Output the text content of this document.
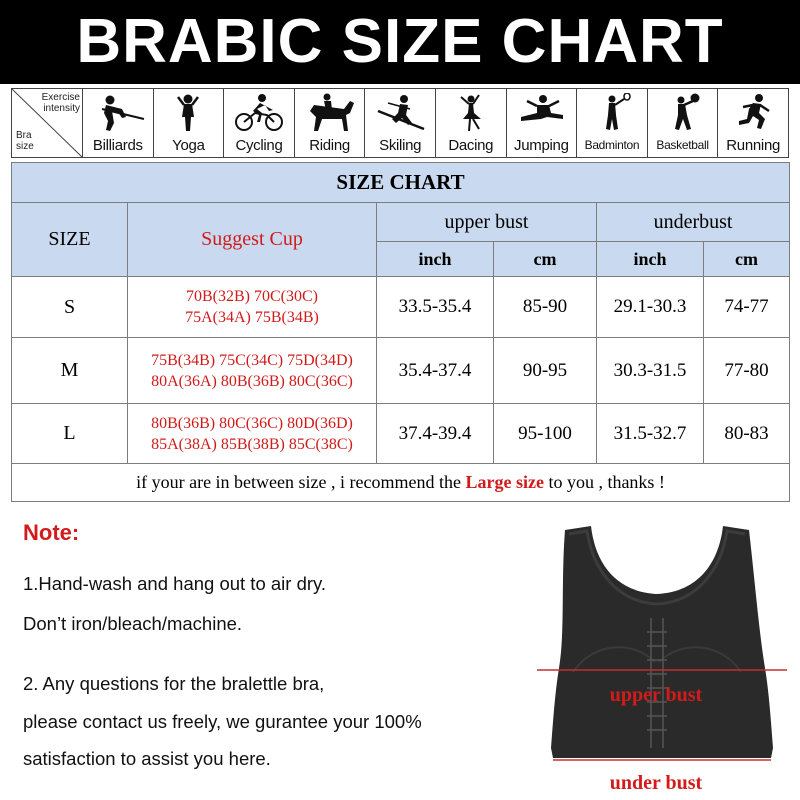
BRABIC SIZE CHART
Exercise intensity
Bra size	Billiards	Yoga	Cycling	Riding	Skiling	Dacing	Jumping	Badminton	Basketball	Running
SIZE CHART					
SIZE	Suggest Cup	upper bust		underbust	
		inch	cm	inch	cm
S	70B(32B) 70C(30C)
75A(34A) 75B(34B)	33.5-35.4	85-90	29.1-30.3	74-77
M	75B(34B) 75C(34C) 75D(34D)
80A(36A) 80B(36B) 80C(36C)	35.4-37.4	90-95	30.3-31.5	77-80
L	80B(36B) 80C(36C) 80D(36D)
85A(38A) 85B(38B) 85C(38C)	37.4-39.4	95-100	31.5-32.7	80-83
if your are in between size , i recommend the Large size to you , thanks !					
Note:
1.Hand-wash and hang out to air dry.
Don’t iron/bleach/machine.
2. Any questions for the bralettle bra,
please contact us freely, we gurantee your 100%
satisfaction to assist you here.
upper bust
under bust
